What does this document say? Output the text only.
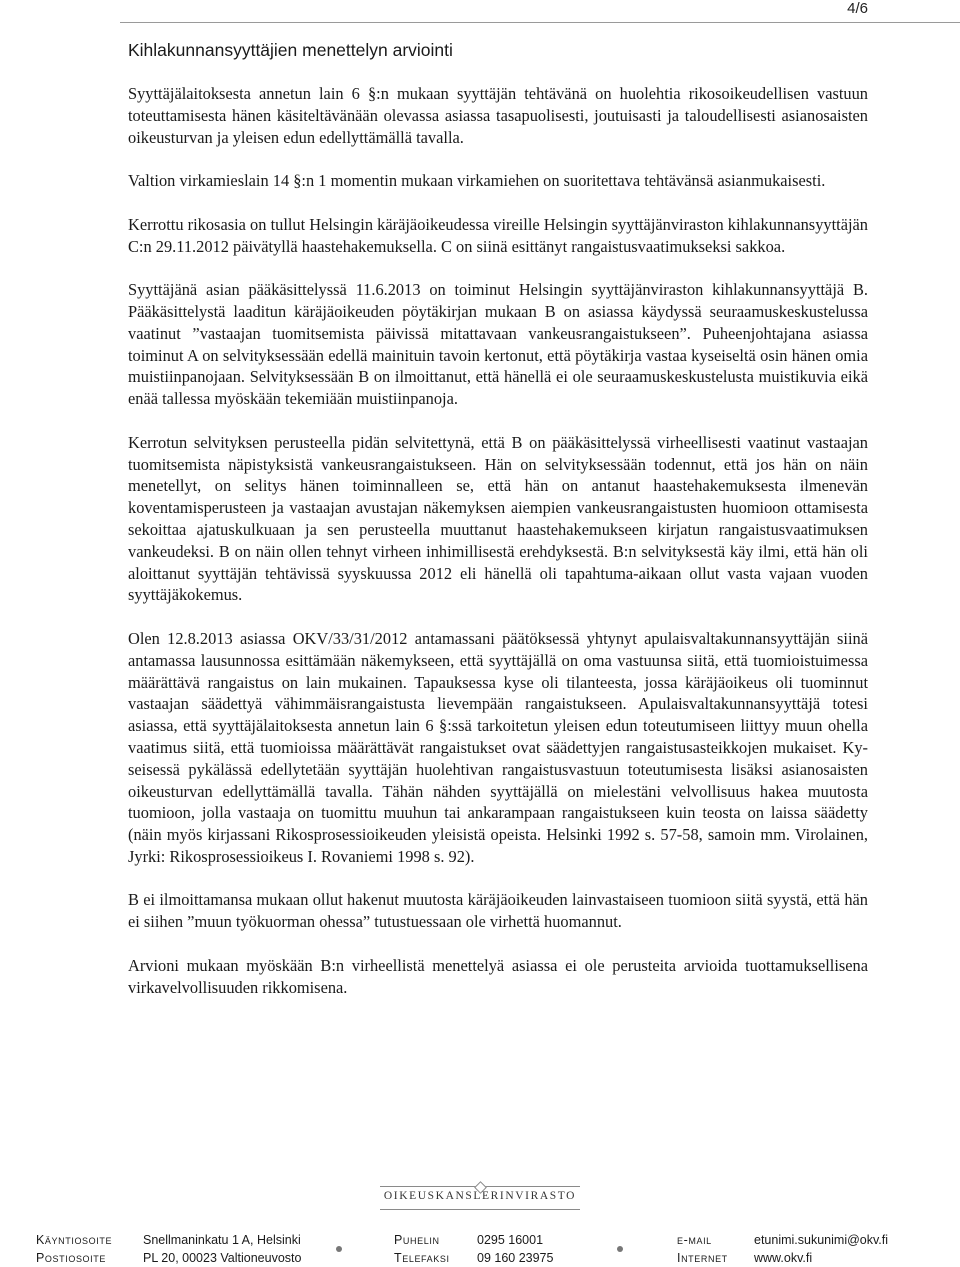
4/6
Kihlakunnansyyttäjien menettelyn arviointi

Syyttäjälaitoksesta annetun lain 6 §:n mukaan syyttäjän tehtävänä on huolehtia rikosoikeudellisen vastuun toteuttamisesta hänen käsiteltävänään olevassa asiassa tasapuolisesti, joutuisasti ja taloudellisesti asianosaisten oikeusturvan ja yleisen edun edellyttämällä tavalla.

Valtion virkamieslain 14 §:n 1 momentin mukaan virkamiehen on suoritettava tehtävänsä asianmukaisesti.

Kerrottu rikosasia on tullut Helsingin käräjäoikeudessa vireille Helsingin syyttäjänviraston kihlakunnansyyttäjän C:n 29.11.2012 päivätyllä haastehakemuksella. C on siinä esittänyt rangaistusvaatimukseksi sakkoa.

Syyttäjänä asian pääkäsittelyssä 11.6.2013 on toiminut Helsingin syyttäjänviraston kihlakunnansyyttäjä B. Pääkäsittelystä laaditun käräjäoikeuden pöytäkirjan mukaan B on asiassa käydyssä seuraamuskeskustelussa vaatinut ”vastaajan tuomitsemista päivissä mitattavaan vankeusrangaistukseen”. Puheenjohtajana asiassa toiminut A on selvityksessään edellä mainituin tavoin kertonut, että pöytäkirja vastaa kyseiseltä osin hänen omia muistiinpanojaan. Selvityksessään B on ilmoittanut, että hänellä ei ole seuraamuskeskustelusta muistikuvia eikä enää tallessa myöskään tekemiään muistiinpanoja.

Kerrotun selvityksen perusteella pidän selvitettynä, että B on pääkäsittelyssä virheellisesti vaatinut vastaajan tuomitsemista näpistyksistä vankeusrangaistukseen. Hän on selvityksessään todennut, että jos hän on näin menetellyt, on selitys hänen toiminnalleen se, että hän on antanut haastehakemuksesta ilmenevän koventamisperusteen ja vastaajan avustajan näkemyksen aiempien vankeusrangaistusten huomioon ottamisesta sekoittaa ajatuskulkuaan ja sen perusteella muuttanut haastehakemukseen kirjatun rangaistusvaatimuksen vankeudeksi. B on näin ollen tehnyt virheen inhimillisestä erehdyksestä. B:n selvityksestä käy ilmi, että hän oli aloittanut syyttäjän tehtävissä syyskuussa 2012 eli hänellä oli tapahtuma-aikaan ollut vasta vajaan vuoden syyttäjäkokemus.

Olen 12.8.2013 asiassa OKV/33/31/2012 antamassani päätöksessä yhtynyt apulaisvaltakunnansyyttäjän siinä antamassa lausunnossa esittämään näkemykseen, että syyttäjällä on oma vastuunsa siitä, että tuomioistuimessa määrättävä rangaistus on lain mukainen. Tapauksessa kyse oli tilanteesta, jossa käräjäoikeus oli tuominnut vastaajan säädettyä vähimmäisrangaistusta lievempään rangaistukseen. Apulaisvaltakunnansyyttäjä totesi asiassa, että syyttäjälaitoksesta annetun lain 6 §:ssä tarkoitetun yleisen edun toteutumiseen liittyy muun ohella vaatimus siitä, että tuomioissa määrättävät rangaistukset ovat säädettyjen rangaistusasteikkojen mukaiset. Kyseisessä pykälässä edellytetään syyttäjän huolehtivan rangaistusvastuun toteutumisesta lisäksi asianosaisten oikeusturvan edellyttämällä tavalla. Tähän nähden syyttäjällä on mielestäni velvollisuus hakea muutosta tuomioon, jolla vastaaja on tuomittu muuhun tai ankarampaan rangaistukseen kuin teosta on laissa säädetty (näin myös kirjassani Rikosprosessioikeuden yleisistä opeista. Helsinki 1992 s. 57-58, samoin mm. Virolainen, Jyrki: Rikosprosessioikeus I. Rovaniemi 1998 s. 92).

B ei ilmoittamansa mukaan ollut hakenut muutosta käräjäoikeuden lainvastaiseen tuomioon siitä syystä, että hän ei siihen ”muun työkuorman ohessa” tutustuessaan ole virhettä huomannut.

Arvioni mukaan myöskään B:n virheellistä menettelyä asiassa ei ole perusteita arvioida tuottamuksellisena virkavelvollisuuden rikkomisena.

OIKEUSKANSLERINVIRASTO
Käyntiosoite Snellmaninkatu 1 A, Helsinki
Postiosoite	PL 20, 00023 Valtioneuvosto
Puhelin	0295 16001
Telefaksi 09 160 23975
e-mail	etunimi.sukunimi@okv.fi
Internet www.okv.fi
